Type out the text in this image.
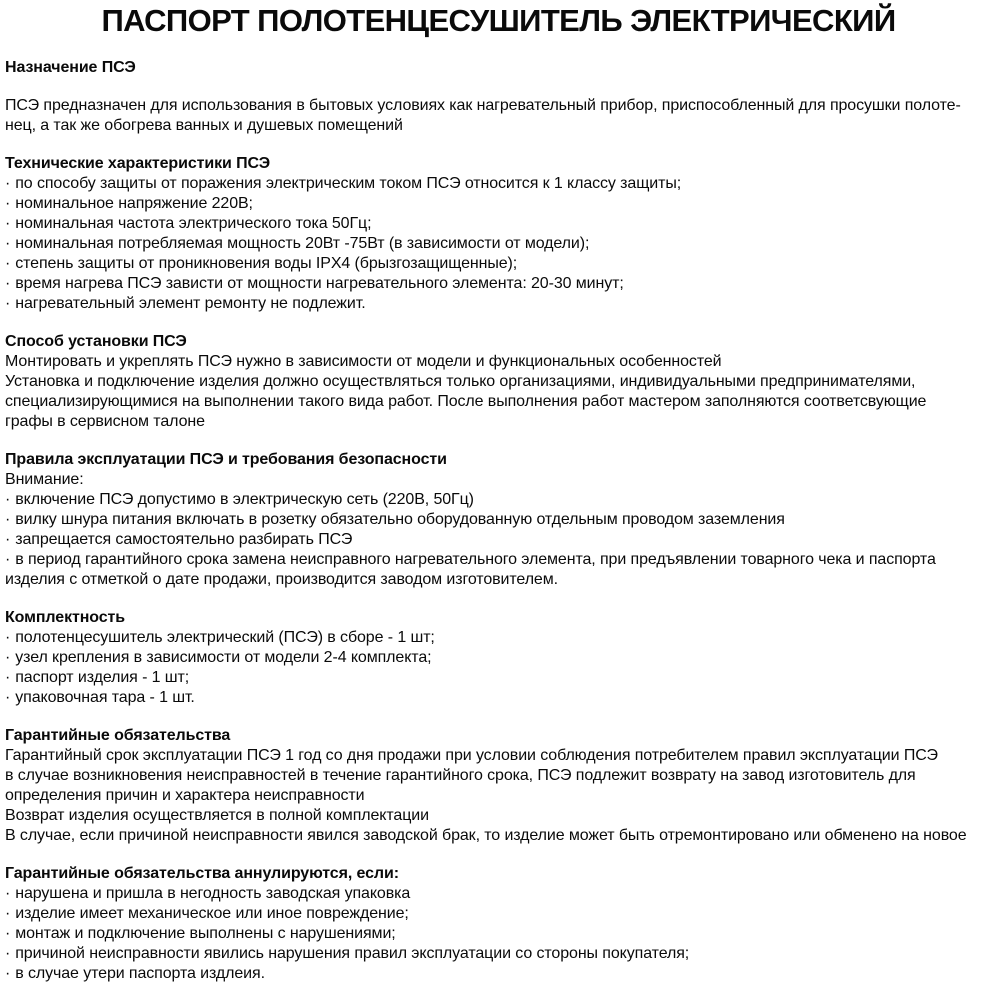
ПАСПОРТ ПОЛОТЕНЦЕСУШИТЕЛЬ ЭЛЕКТРИЧЕСКИЙ
Назначение ПСЭ

ПСЭ предназначен для использования в бытовых условиях как нагревательный прибор, приспособленный для просушки полоте-

нец, а так же обогрева ванных и душевых помещений

Технические характеристики ПСЭ

· по способу защиты от поражения электрическим током ПСЭ относится к 1 классу защиты;

· номинальное напряжение 220В;

· номинальная частота электрического тока 50Гц;

· номинальная потребляемая мощность 20Вт -75Вт (в зависимости от модели);

· степень защиты от проникновения воды IPX4 (брызгозащищенные);

· время нагрева ПСЭ зависти от мощности нагревательного элемента: 20-30 минут;

· нагревательный элемент ремонту не подлежит.

Способ установки ПСЭ

Монтировать и укреплять ПСЭ нужно в зависимости от модели и функциональных особенностей

Установка и подключение изделия должно осуществляться только организациями, индивидуальными предпринимателями,

специализирующимися на выполнении такого вида работ. После выполнения работ мастером заполняются соответсвующие

графы в сервисном талоне

Правила эксплуатации ПСЭ и требования безопасности

Внимание:

· включение ПСЭ допустимо в электрическую сеть (220В, 50Гц)

· вилку шнура питания включать в розетку обязательно оборудованную отдельным проводом заземления

· запрещается самостоятельно разбирать ПСЭ

· в период гарантийного срока замена неисправного нагревательного элемента, при предъявлении товарного чека и паспорта изделия с отметкой о дате продажи, производится заводом изготовителем.

Комплектность

· полотенцесушитель электрический (ПСЭ) в сборе - 1 шт;

· узел крепления в зависимости от модели 2-4 комплекта;

· паспорт изделия - 1 шт;

· упаковочная тара - 1 шт.

Гарантийные обязательства

Гарантийный срок эксплуатации ПСЭ 1 год со дня продажи при условии соблюдения потребителем правил эксплуатации ПСЭ

в случае возникновения неисправностей в течение гарантийного срока, ПСЭ подлежит возврату на завод изготовитель для

определения причин и характера неисправности

Возврат изделия осуществляется в полной комплектации

В случае, если причиной неисправности явился заводской брак, то изделие может быть отремонтировано или обменено на новое

Гарантийные обязательства аннулируются, если:

· нарушена и пришла в негодность заводская упаковка

· изделие имеет механическое или иное повреждение;

· монтаж и подключение выполнены с нарушениями;

· причиной неисправности явились нарушения правил эксплуатации со стороны покупателя;

· в случае утери паспорта издлеия.
